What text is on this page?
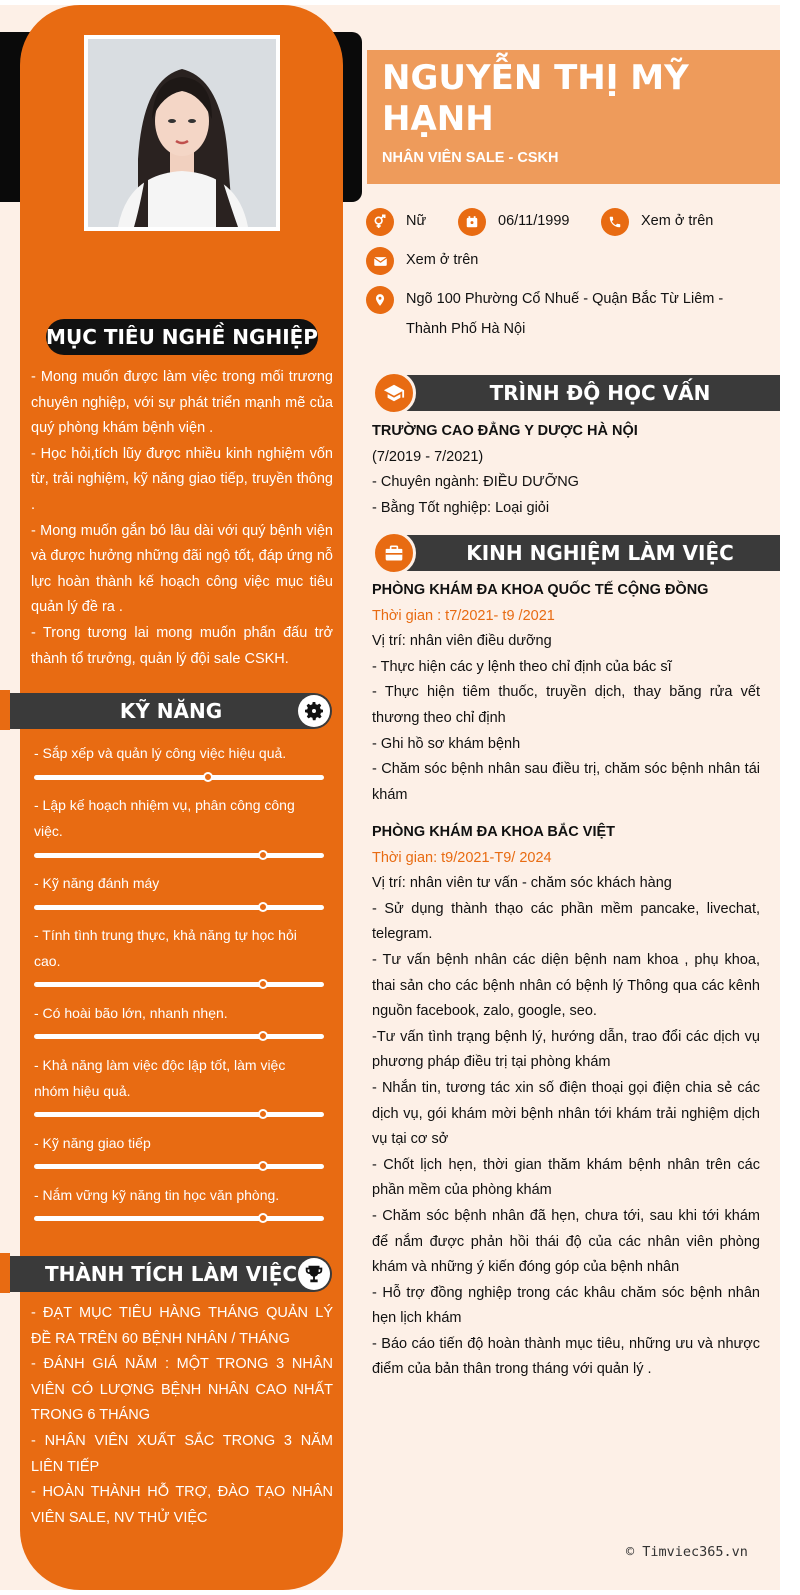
MỤC TIÊU NGHỀ NGHIỆP
- Mong muốn được làm việc trong mối trương chuyên nghiệp, với sự phát triển mạnh mẽ của quý phòng khám bệnh viện .
- Học hỏi,tích lũy được nhiều kinh nghiệm vốn từ, trải nghiệm, kỹ năng giao tiếp, truyền thông .
- Mong muốn gắn bó lâu dài với quý bệnh viện và được hưởng những đãi ngộ tốt, đáp ứng nỗ lực hoàn thành kế hoạch công việc mục tiêu quản lý đề ra .
- Trong tương lai mong muốn phấn đấu trở thành tổ trưởng, quản lý đội sale CSKH.
KỸ NĂNG
- Sắp xếp và quản lý công việc hiệu quả.
- Lập kế hoạch nhiệm vụ, phân công công việc.
- Kỹ năng đánh máy
- Tính tình trung thực, khả năng tự học hỏi cao.
- Có hoài bão lớn, nhanh nhẹn.
- Khả năng làm việc độc lập tốt, làm việc nhóm hiệu quả.
- Kỹ năng giao tiếp
- Nắm vững kỹ năng tin học văn phòng.
THÀNH TÍCH LÀM VIỆC
- ĐẠT MỤC TIÊU HÀNG THÁNG QUẢN LÝ ĐỀ RA TRÊN 60 BỆNH NHÂN / THÁNG
- ĐÁNH GIÁ NĂM : MỘT TRONG 3 NHÂN VIÊN CÓ LƯỢNG BỆNH NHÂN CAO NHẤT TRONG 6 THÁNG
- NHÂN VIÊN XUẤT SẮC TRONG 3 NĂM LIÊN TIẾP
- HOÀN THÀNH HỖ TRỢ, ĐÀO TẠO NHÂN VIÊN SALE, NV THỬ VIỆC
NGUYỄN THỊ MỸ HẠNH
NHÂN VIÊN SALE - CSKH
Nữ	06/11/1999	Xem ở trên
Xem ở trên
Ngõ 100 Phường Cổ Nhuế - Quận Bắc Từ Liêm -
Thành Phố Hà Nội
TRÌNH ĐỘ HỌC VẤN
TRƯỜNG CAO ĐẲNG Y DƯỢC HÀ NỘI
(7/2019 - 7/2021)
- Chuyên ngành: ĐIỀU DƯỠNG
- Bằng Tốt nghiệp: Loại giỏi
KINH NGHIỆM LÀM VIỆC
PHÒNG KHÁM ĐA KHOA QUỐC TẾ CỘNG ĐỒNG
Thời gian : t7/2021- t9 /2021
Vị trí: nhân viên điều dưỡng
- Thực hiện các y lệnh theo chỉ định của bác sĩ
- Thực hiện tiêm thuốc, truyền dịch, thay băng rửa vết thương theo chỉ định
- Ghi hồ sơ khám bệnh
- Chăm sóc bệnh nhân sau điều trị, chăm sóc bệnh nhân tái khám
PHÒNG KHÁM ĐA KHOA BẮC VIỆT
Thời gian: t9/2021-T9/ 2024
Vị trí: nhân viên tư vấn - chăm sóc khách hàng
- Sử dụng thành thạo các phần mềm pancake, livechat, telegram.
- Tư vấn bệnh nhân các diện bệnh nam khoa , phụ khoa, thai sản cho các bệnh nhân có bệnh lý Thông qua các kênh nguồn facebook, zalo, google, seo.
-Tư vấn tình trạng bệnh lý, hướng dẫn, trao đổi các dịch vụ phương pháp điều trị tại phòng khám
- Nhắn tin, tương tác xin số điện thoại gọi điện chia sẻ các dịch vụ, gói khám mời bệnh nhân tới khám trải nghiệm dịch vụ tại cơ sở
- Chốt lịch hẹn, thời gian thăm khám bệnh nhân trên các phần mềm của phòng khám
- Chăm sóc bệnh nhân đã hẹn, chưa tới, sau khi tới khám để nắm được phản hồi thái độ của các nhân viên phòng khám và những ý kiến đóng góp của bệnh nhân
- Hỗ trợ đồng nghiệp trong các khâu chăm sóc bệnh nhân hẹn lịch khám
- Báo cáo tiến độ hoàn thành mục tiêu, những ưu và nhược điểm của bản thân trong tháng với quản lý .
© Timviec365.vn
